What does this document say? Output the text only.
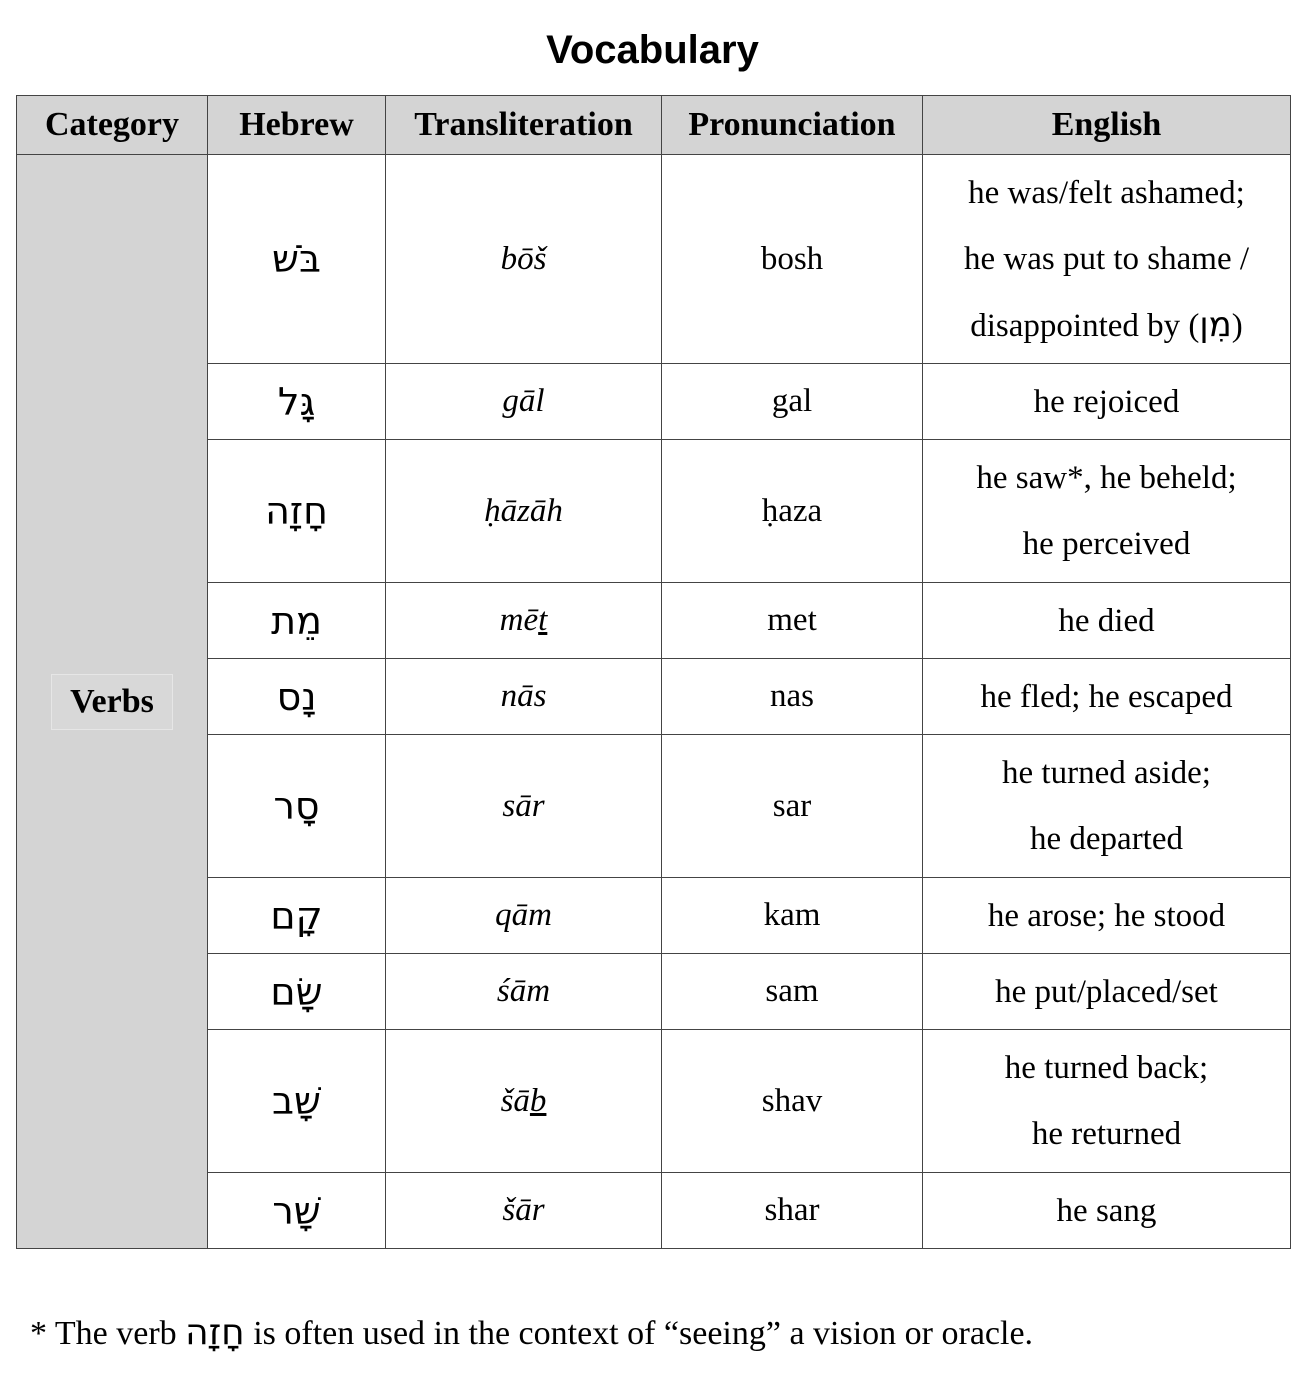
Vocabulary
Category	Hebrew	Transliteration	Pronunciation	English
Verbs	בֹּשׁ	bōš	bosh	he was/felt ashamed;
he was put to shame /
disappointed by (מִן)

	גָּל	gāl	gal	he rejoiced

	חָזָה	ḥāzāh	ḥaza	he saw*, he beheld;
he perceived

	מֵת	mēt	met	he died

	נָס	nās	nas	he fled; he escaped

	סָר	sār	sar	he turned aside;
he departed

	קָם	qām	kam	he arose; he stood

	שָׂם	śām	sam	he put/placed/set

	שָׁב	šāb	shav	he turned back;
he returned

	שָׁר	šār	shar	he sang
* The verb חָזָה is often used in the context of “seeing” a vision or oracle.
